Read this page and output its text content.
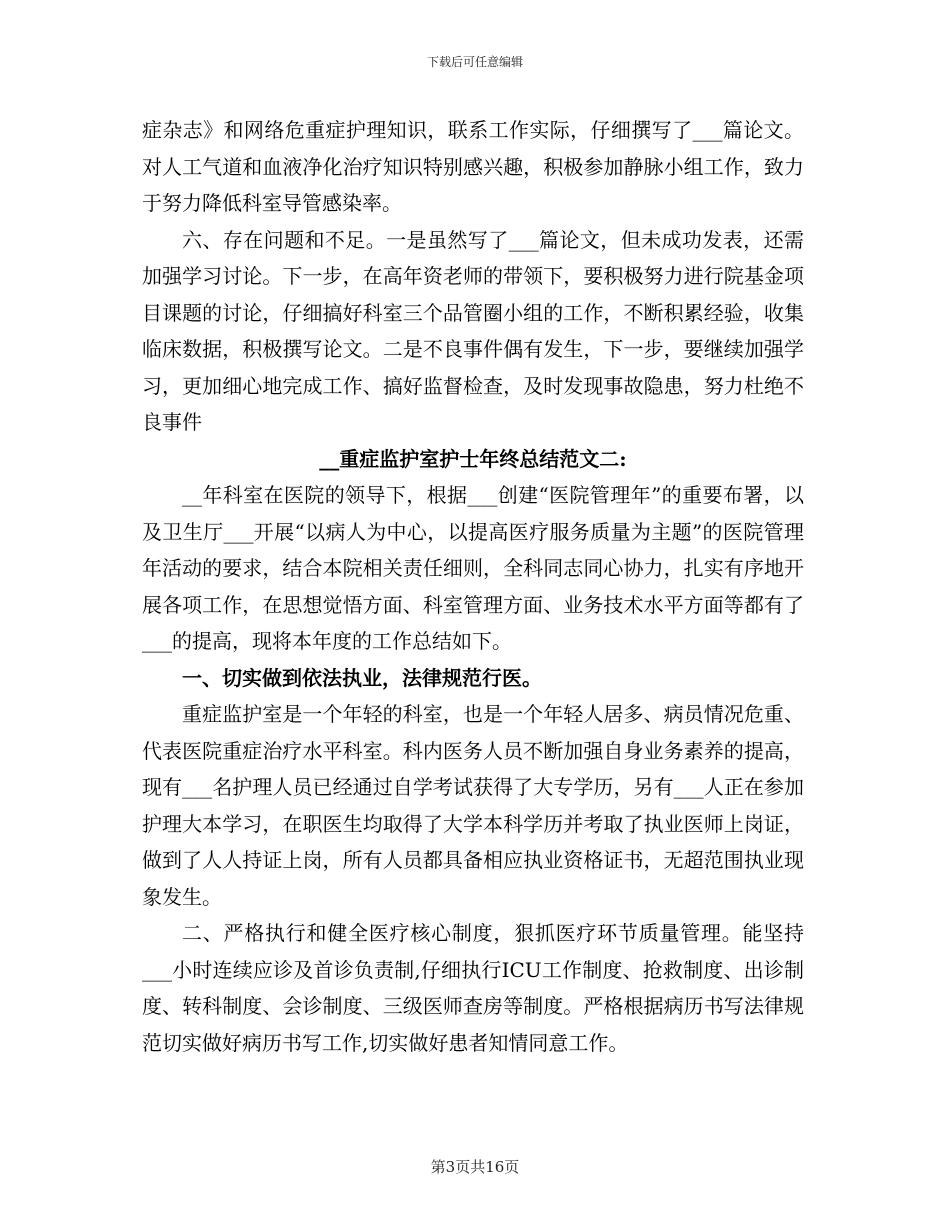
下载后可任意编辑

症杂志》和网络危重症护理知识，联系工作实际，仔细撰写了___篇论文。对人工气道和血液净化治疗知识特别感兴趣，积极参加静脉小组工作，致力于努力降低科室导管感染率。

六、存在问题和不足。一是虽然写了___篇论文，但未成功发表，还需加强学习讨论。下一步，在高年资老师的带领下，要积极努力进行院基金项目课题的讨论，仔细搞好科室三个品管圈小组的工作，不断积累经验，收集临床数据，积极撰写论文。二是不良事件偶有发生，下一步，要继续加强学习，更加细心地完成工作、搞好监督检查，及时发现事故隐患，努力杜绝不良事件

__重症监护室护士年终总结范文二:

__年科室在医院的领导下，根据___创建“医院管理年”的重要布署，以及卫生厅___开展“以病人为中心，以提高医疗服务质量为主题”的医院管理年活动的要求，结合本院相关责任细则，全科同志同心协力，扎实有序地开展各项工作，在思想觉悟方面、科室管理方面、业务技术水平方面等都有了___的提高，现将本年度的工作总结如下。

一、切实做到依法执业，法律规范行医。

重症监护室是一个年轻的科室，也是一个年轻人居多、病员情况危重、代表医院重症治疗水平科室。科内医务人员不断加强自身业务素养的提高，现有___名护理人员已经通过自学考试获得了大专学历，另有___人正在参加护理大本学习，在职医生均取得了大学本科学历并考取了执业医师上岗证，做到了人人持证上岗，所有人员都具备相应执业资格证书，无超范围执业现象发生。

二、严格执行和健全医疗核心制度，狠抓医疗环节质量管理。能坚持___小时连续应诊及首诊负责制,仔细执行ICU工作制度、抢救制度、出诊制度、转科制度、会诊制度、三级医师查房等制度。严格根据病历书写法律规范切实做好病历书写工作,切实做好患者知情同意工作。

第3页共16页
